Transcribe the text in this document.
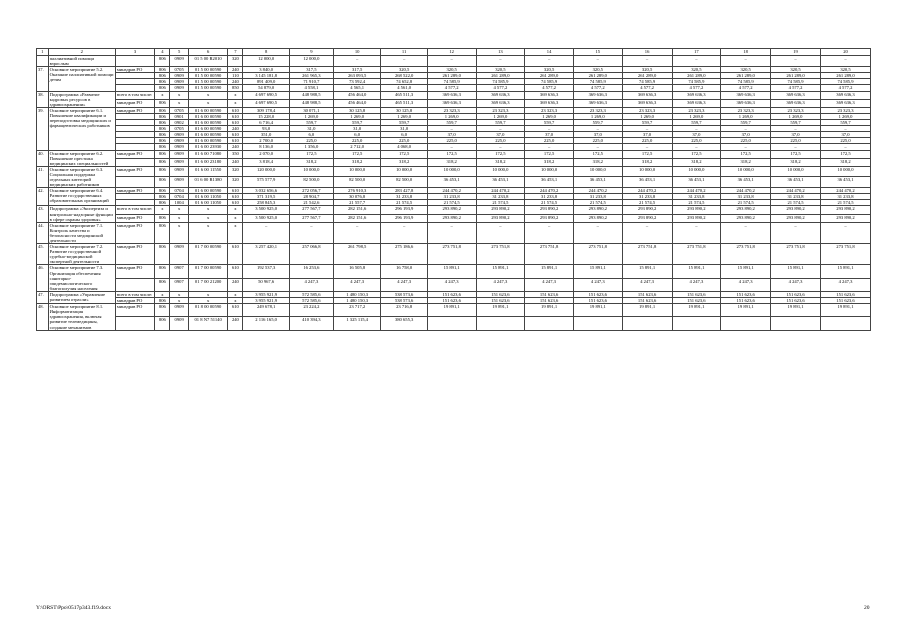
1	2	3	4	5	6	7	8	9	10	11	12	13	14	15	16	17	18	19	20
	паллиативной помощи взрослым		806	0909	01 5 00 R2010	320	12 000,0	12 000,0	–	–	–	–	–	–	–	–	–	–	–
37.	Основное мероприятие 5.2. Оказание паллиативной помощи детям	минздрав РО	806	0705	01 5 00 00590	240	3 840,0	317,5	317,5	320,5	320,5	320,5	320,5	320,5	320,5	320,5	320,5	320,5	320,5
			806	0909	01 5 00 00590	110	3 145 181,8	261 965,3	263 093,5	268 522,0	261 289,0	261 289,0	261 289,0	261 289,0	261 289,0	261 289,0	261 289,0	261 289,0	261 289,0
			806	0909	01 5 00 00590	240	891 409,0	71 910,7	73 592,4	74 652,8	74 585,9	74 585,9	74 585,9	74 585,9	74 585,9	74 585,9	74 585,9	74 585,9	74 585,9
			806	0909	01 5 00 00590	850	54 879,0	4 558,1	4 565,1	4 561,0	4 577,2	4 577,2	4 577,2	4 577,2	4 577,2	4 577,2	4 577,2	4 577,2	4 577,2
38.	Подпрограмма «Развитие кадровых ресурсов в здравоохранении»	всего в том числе:	х	х	х	х	4 697 690,5	448 988,5	456 464,0	465 511,3	369 636,3	369 636,3	369 636,3	369 636,3	369 636,3	369 636,3	369 636,3	369 636,3	369 636,3
		минздрав РО	806	х	х	х	4 697 690,5	448 988,5	456 464,0	465 511,3	369 636,3	369 636,3	369 636,3	369 636,3	369 636,3	369 636,3	369 636,3	369 636,3	369 636,3
39.	Основное мероприятие 6.1. Повышение квалификации и переподготовка медицинских и фармацевтических работников	минздрав РО	806	0705	01 6 00 00590	610	309 178,4	30 071,1	30 125,8	30 125,8	23 323,3	23 323,3	23 323,3	23 323,3	23 323,3	23 323,3	23 323,3	23 323,3	23 323,3
			806	0901	01 6 00 00590	610	15 228,0	1 269,0	1 269,0	1 269,0	1 269,0	1 269,0	1 269,0	1 269,0	1 269,0	1 269,0	1 269,0	1 269,0	1 269,0
			806	0902	01 6 00 00590	610	6 716,4	559,7	559,7	559,7	559,7	559,7	559,7	559,7	559,7	559,7	559,7	559,7	559,7
			806	0705	01 6 00 00590	240	93,0	31,0	31,0	31,0	–	–	–	–	–	–	–	–	–
			806	0909	01 6 00 00590	610	351,0	6,0	6,0	6,0	37,0	37,0	37,0	37,0	37,0	37,0	37,0	37,0	37,0
			806	0909	01 6 00 00590	610	2 700,0	225,0	225,0	225,0	225,0	225,0	225,0	225,0	225,0	225,0	225,0	225,0	225,0
			806	0909	01 6 00 23930	240	8 136,0	1 356,0	2 712,0	4 068,0	–	–	–	–	–	–	–	–	–
40.	Основное мероприятие 6.2. Повышение престижа медицинских специальностей	минздрав РО	806	0909	01 6 00 71080	350	2 070,0	172,5	172,5	172,5	172,5	172,5	172,5	172,5	172,5	172,5	172,5	172,5	172,5
			806	0909	01 6 00 23180	240	3 818,4	318,2	318,2	318,2	318,2	318,2	318,2	318,2	318,2	318,2	318,2	318,2	318,2
41.	Основное мероприятие 6.3. Социальная поддержка отдельных категорий медицинских работников	минздрав РО	806	0909	01 6 00 11550	320	120 000,0	10 000,0	10 000,0	10 000,0	10 000,0	10 000,0	10 000,0	10 000,0	10 000,0	10 000,0	10 000,0	10 000,0	10 000,0
			806	0909	01 6 00 R1380	320	575 577,9	82 500,0	82 500,0	82 500,0	36 453,1	36 453,1	36 453,1	36 453,1	36 453,1	36 453,1	36 453,1	36 453,1	36 453,1
42.	Основное мероприятие 6.4. Развитие государственных образовательных организаций	минздрав РО	806	0704	01 6 00 00590	610	3 032 656,6	272 056,7	276 910,3	283 427,8	244 470,2	244 470,2	244 470,2	244 470,2	244 470,2	244 470,2	244 470,2	244 470,2	244 470,2
			806	0704	01 6 00 11050	610	371 319,5	28 904,7	30 076,8	31 233,8	31 233,8	31 233,8	31 233,8	31 233,8	31 233,8	31 233,8	31 233,8	31 233,8	31 233,8
			806	1004	01 6 00 11050	610	258 845,3	21 542,6	21 557,7	21 574,5	21 574,5	21 574,5	21 574,5	21 574,5	21 574,5	21 574,5	21 574,5	21 574,5	21 574,5
43.	Подпрограмма «Экспертиза и контрольно-надзорные функции в сфере охраны здоровья»	всего в том числе:	х	х	х	х	3 500 925,0	277 567,7	282 151,6	296 193,9	293 890,2	293 890,2	293 890,2	293 890,2	293 890,2	293 890,2	293 890,2	293 890,2	293 890,2
		минздрав РО	806	х	х	х	3 500 925,0	277 567,7	282 151,6	296 193,9	293 890,2	293 890,2	293 890,2	293 890,2	293 890,2	293 890,2	293 890,2	293 890,2	293 890,2
44.	Основное мероприятие 7.1. Контроль качества и безопасности медицинской деятельности	минздрав РО	806	х	х	х	–	–	–	–	–	–	–	–	–	–	–	–	–
45.	Основное мероприятие 7.2. Развитие государственной судебно-медицинской экспертной деятельности	минздрав РО	806	0909	01 7 00 00590	610	3 257 420,1	257 066,8	261 798,5	275 186,6	273 751,8	273 751,8	273 751,8	273 751,8	273 751,8	273 751,8	273 751,8	273 751,8	273 751,8
46.	Основное мероприятие 7.3. Организация обеспечения санитарно-эпидемиологического благополучия населения	минздрав РО	806	0907	01 7 00 00590	610	192 537,3	16 253,6	16 505,8	16 758,0	15 891,1	15 891,1	15 891,1	15 891,1	15 891,1	15 891,1	15 891,1	15 891,1	15 891,1
			806	0907	01 7 00 21200	240	50 967,6	4 247,3	4 247,3	4 247,3	4 247,3	4 247,3	4 247,3	4 247,3	4 247,3	4 247,3	4 247,3	4 247,3	4 247,3
47.	Подпрограмма «Управление развитием отрасли»	всего в том числе:	х	х	х	х	3 955 921,9	572 585,6	1 480 150,3	538 573,6	151 623,6	151 623,6	151 623,6	151 623,6	151 623,6	151 623,6	151 623,6	151 623,6	151 623,6
		минздрав РО	806	х	х	х	3 955 921,9	572 585,6	1 480 150,3	538 573,6	151 623,6	151 623,6	151 623,6	151 623,6	151 623,6	151 623,6	151 623,6	151 623,6	151 623,6
48.	Основное мероприятие 8.1. Информатизация здравоохранения, включая развитие телемедицины, создание механизмов	минздрав РО	806	0909	01 8 00 00590	610	249 678,1	23 224,2	23 717,2	23 716,8	19 891,1	19 891,1	19 891,1	19 891,1	19 891,1	19 891,1	19 891,1	19 891,1	19 891,1
			806	0909	01 8 N7 51140	240	2 116 165,0	410 394,3	1 325 115,4	380 655,3									
Y:\ORST\Ppo\0517p343.f19.docx	20
